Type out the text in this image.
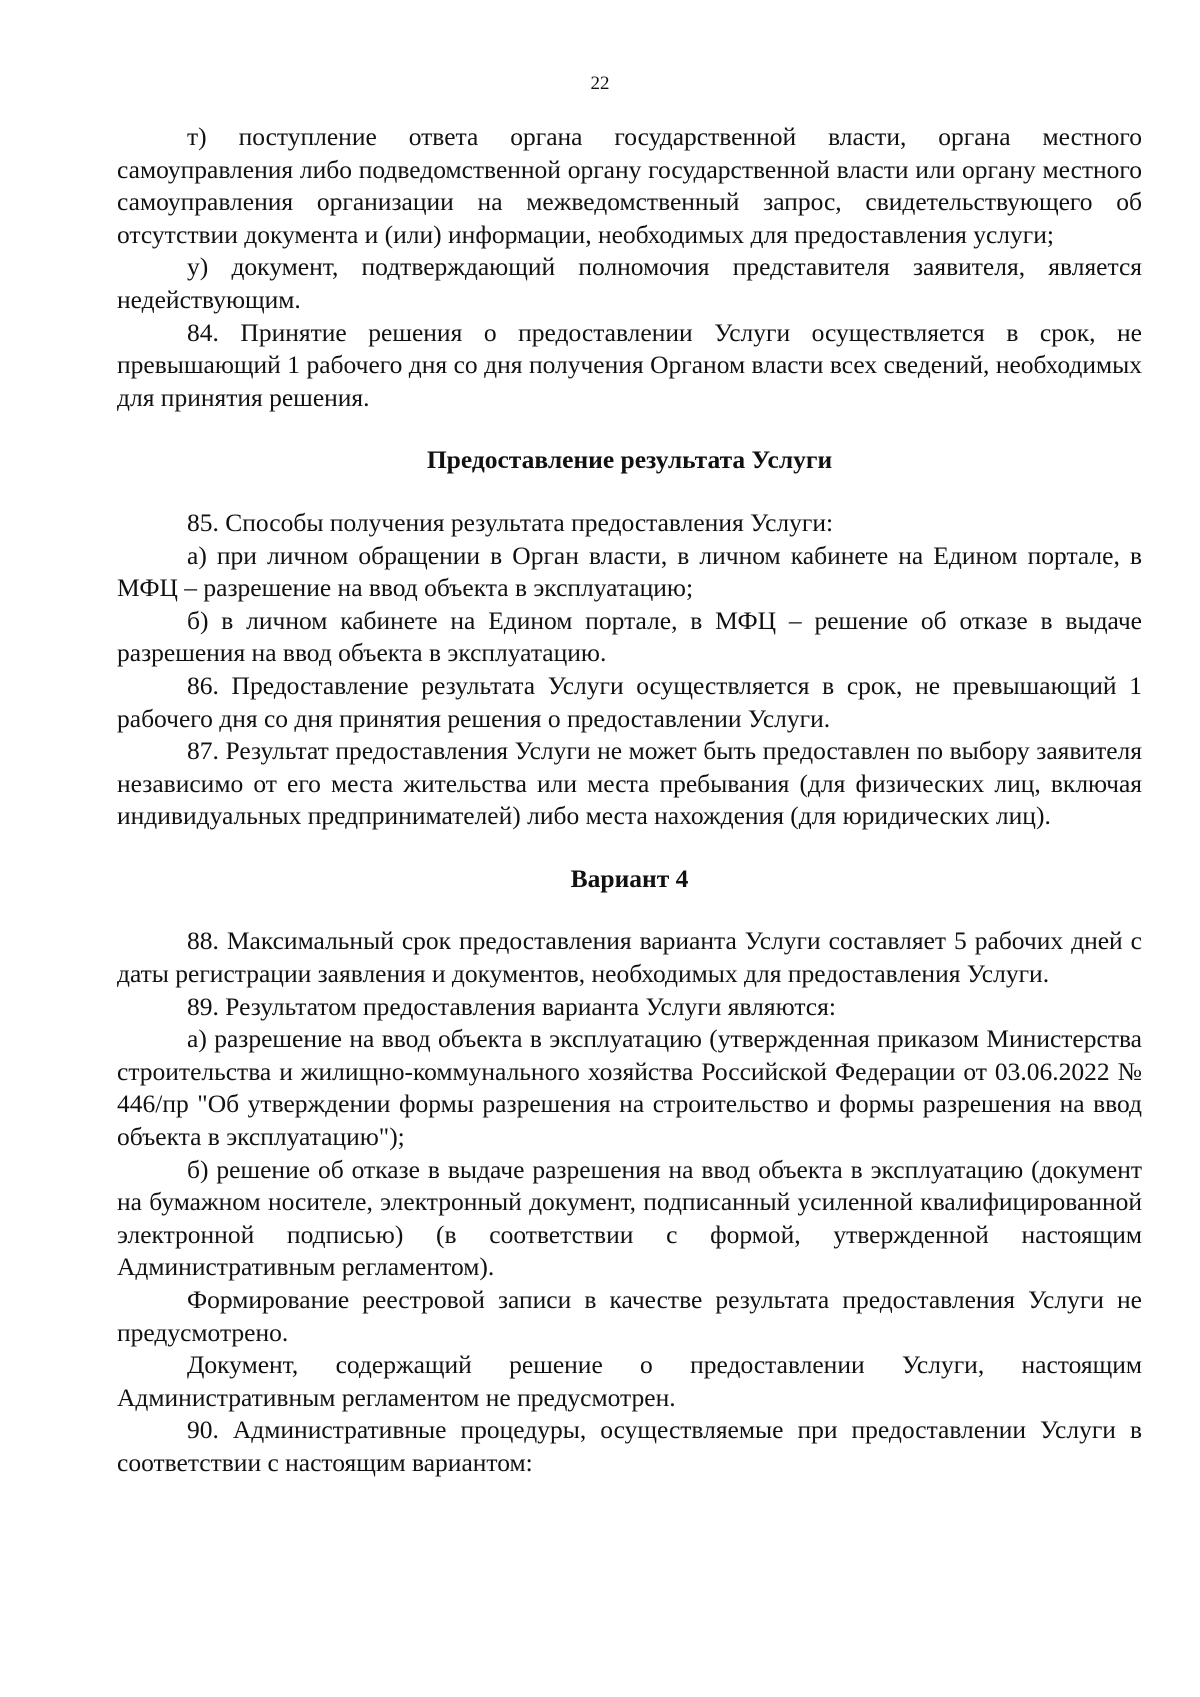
22

т) поступление ответа органа государственной власти, органа местного самоуправления либо подведомственной органу государственной власти или органу местного самоуправления организации на межведомственный запрос, свидетельствующего об отсутствии документа и (или) информации, необходимых для предоставления услуги;

у) документ, подтверждающий полномочия представителя заявителя, является недействующим.

84. Принятие решения о предоставлении Услуги осуществляется в срок, не превышающий 1 рабочего дня со дня получения Органом власти всех сведений, необходимых для принятия решения.

Предоставление результата Услуги

85. Способы получения результата предоставления Услуги:

а) при личном обращении в Орган власти, в личном кабинете на Едином портале, в МФЦ – разрешение на ввод объекта в эксплуатацию;

б) в личном кабинете на Едином портале, в МФЦ – решение об отказе в выдаче разрешения на ввод объекта в эксплуатацию.

86. Предоставление результата Услуги осуществляется в срок, не превышающий 1 рабочего дня со дня принятия решения о предоставлении Услуги.

87. Результат предоставления Услуги не может быть предоставлен по выбору заявителя независимо от его места жительства или места пребывания (для физических лиц, включая индивидуальных предпринимателей) либо места нахождения (для юридических лиц).

Вариант 4

88. Максимальный срок предоставления варианта Услуги составляет 5 рабочих дней с даты регистрации заявления и документов, необходимых для предоставления Услуги.

89. Результатом предоставления варианта Услуги являются:

а) разрешение на ввод объекта в эксплуатацию (утвержденная приказом Министерства строительства и жилищно-коммунального хозяйства Российской Федерации от 03.06.2022 № 446/пр "Об утверждении формы разрешения на строительство и формы разрешения на ввод объекта в эксплуатацию");

б) решение об отказе в выдаче разрешения на ввод объекта в эксплуатацию (документ на бумажном носителе, электронный документ, подписанный усиленной квалифицированной электронной подписью) (в соответствии с формой, утвержденной настоящим Административным регламентом).

Формирование реестровой записи в качестве результата предоставления Услуги не предусмотрено.

Документ, содержащий решение о предоставлении Услуги, настоящим Административным регламентом не предусмотрен.

90. Административные процедуры, осуществляемые при предоставлении Услуги в соответствии с настоящим вариантом:
